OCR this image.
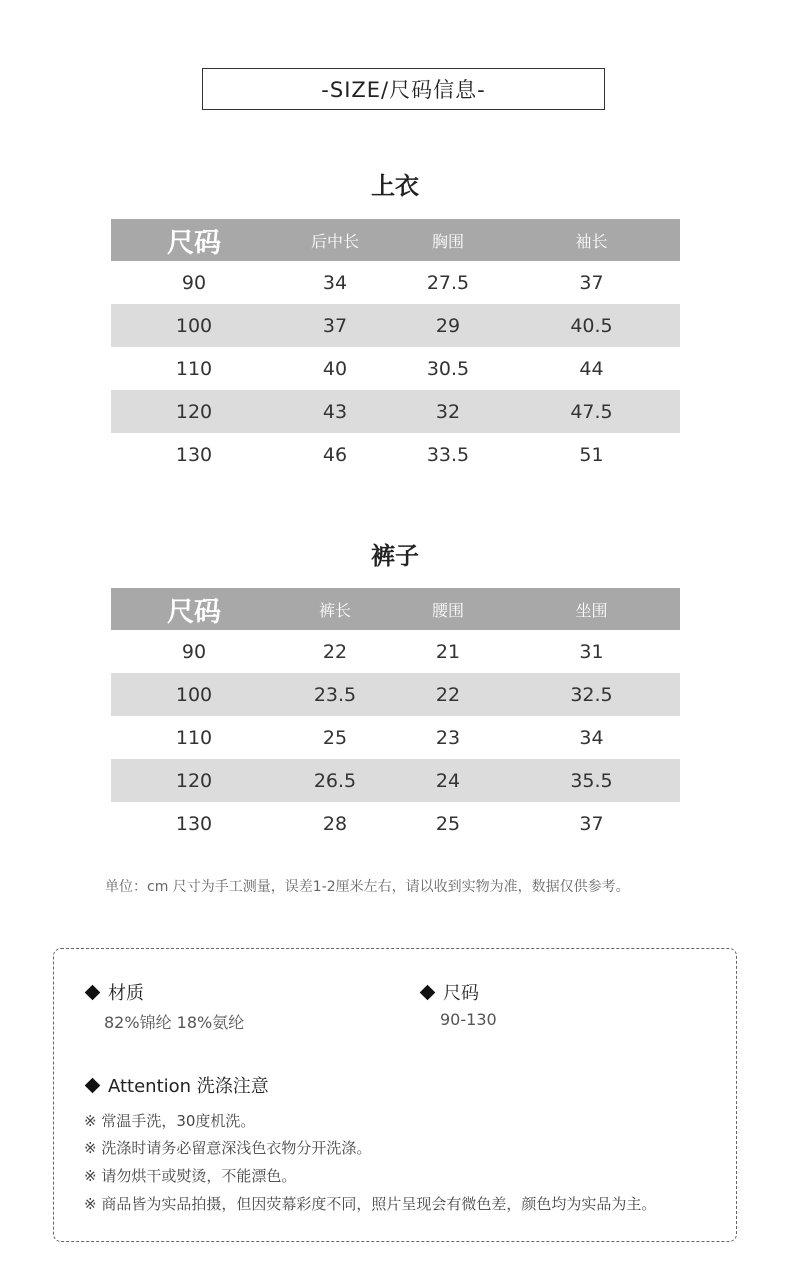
-SIZE/尺码信息-
上衣
尺码	后中长	胸围	袖长
90	34	27.5	37
100	37	29	40.5
110	40	30.5	44
120	43	32	47.5
130	46	33.5	51
裤子
尺码	裤长	腰围	坐围
90	22	21	31
100	23.5	22	32.5
110	25	23	34
120	26.5	24	35.5
130	28	25	37
单位：cm 尺寸为手工测量，误差1-2厘米左右，请以收到实物为准，数据仅供参考。
材质
82%锦纶 18%氨纶
尺码
90-130
Attention 洗涤注意
※ 常温手洗，30度机洗。
※ 洗涤时请务必留意深浅色衣物分开洗涤。
※ 请勿烘干或熨烫，不能漂色。
※ 商品皆为实品拍摄，但因荧幕彩度不同，照片呈现会有微色差，颜色均为实品为主。
